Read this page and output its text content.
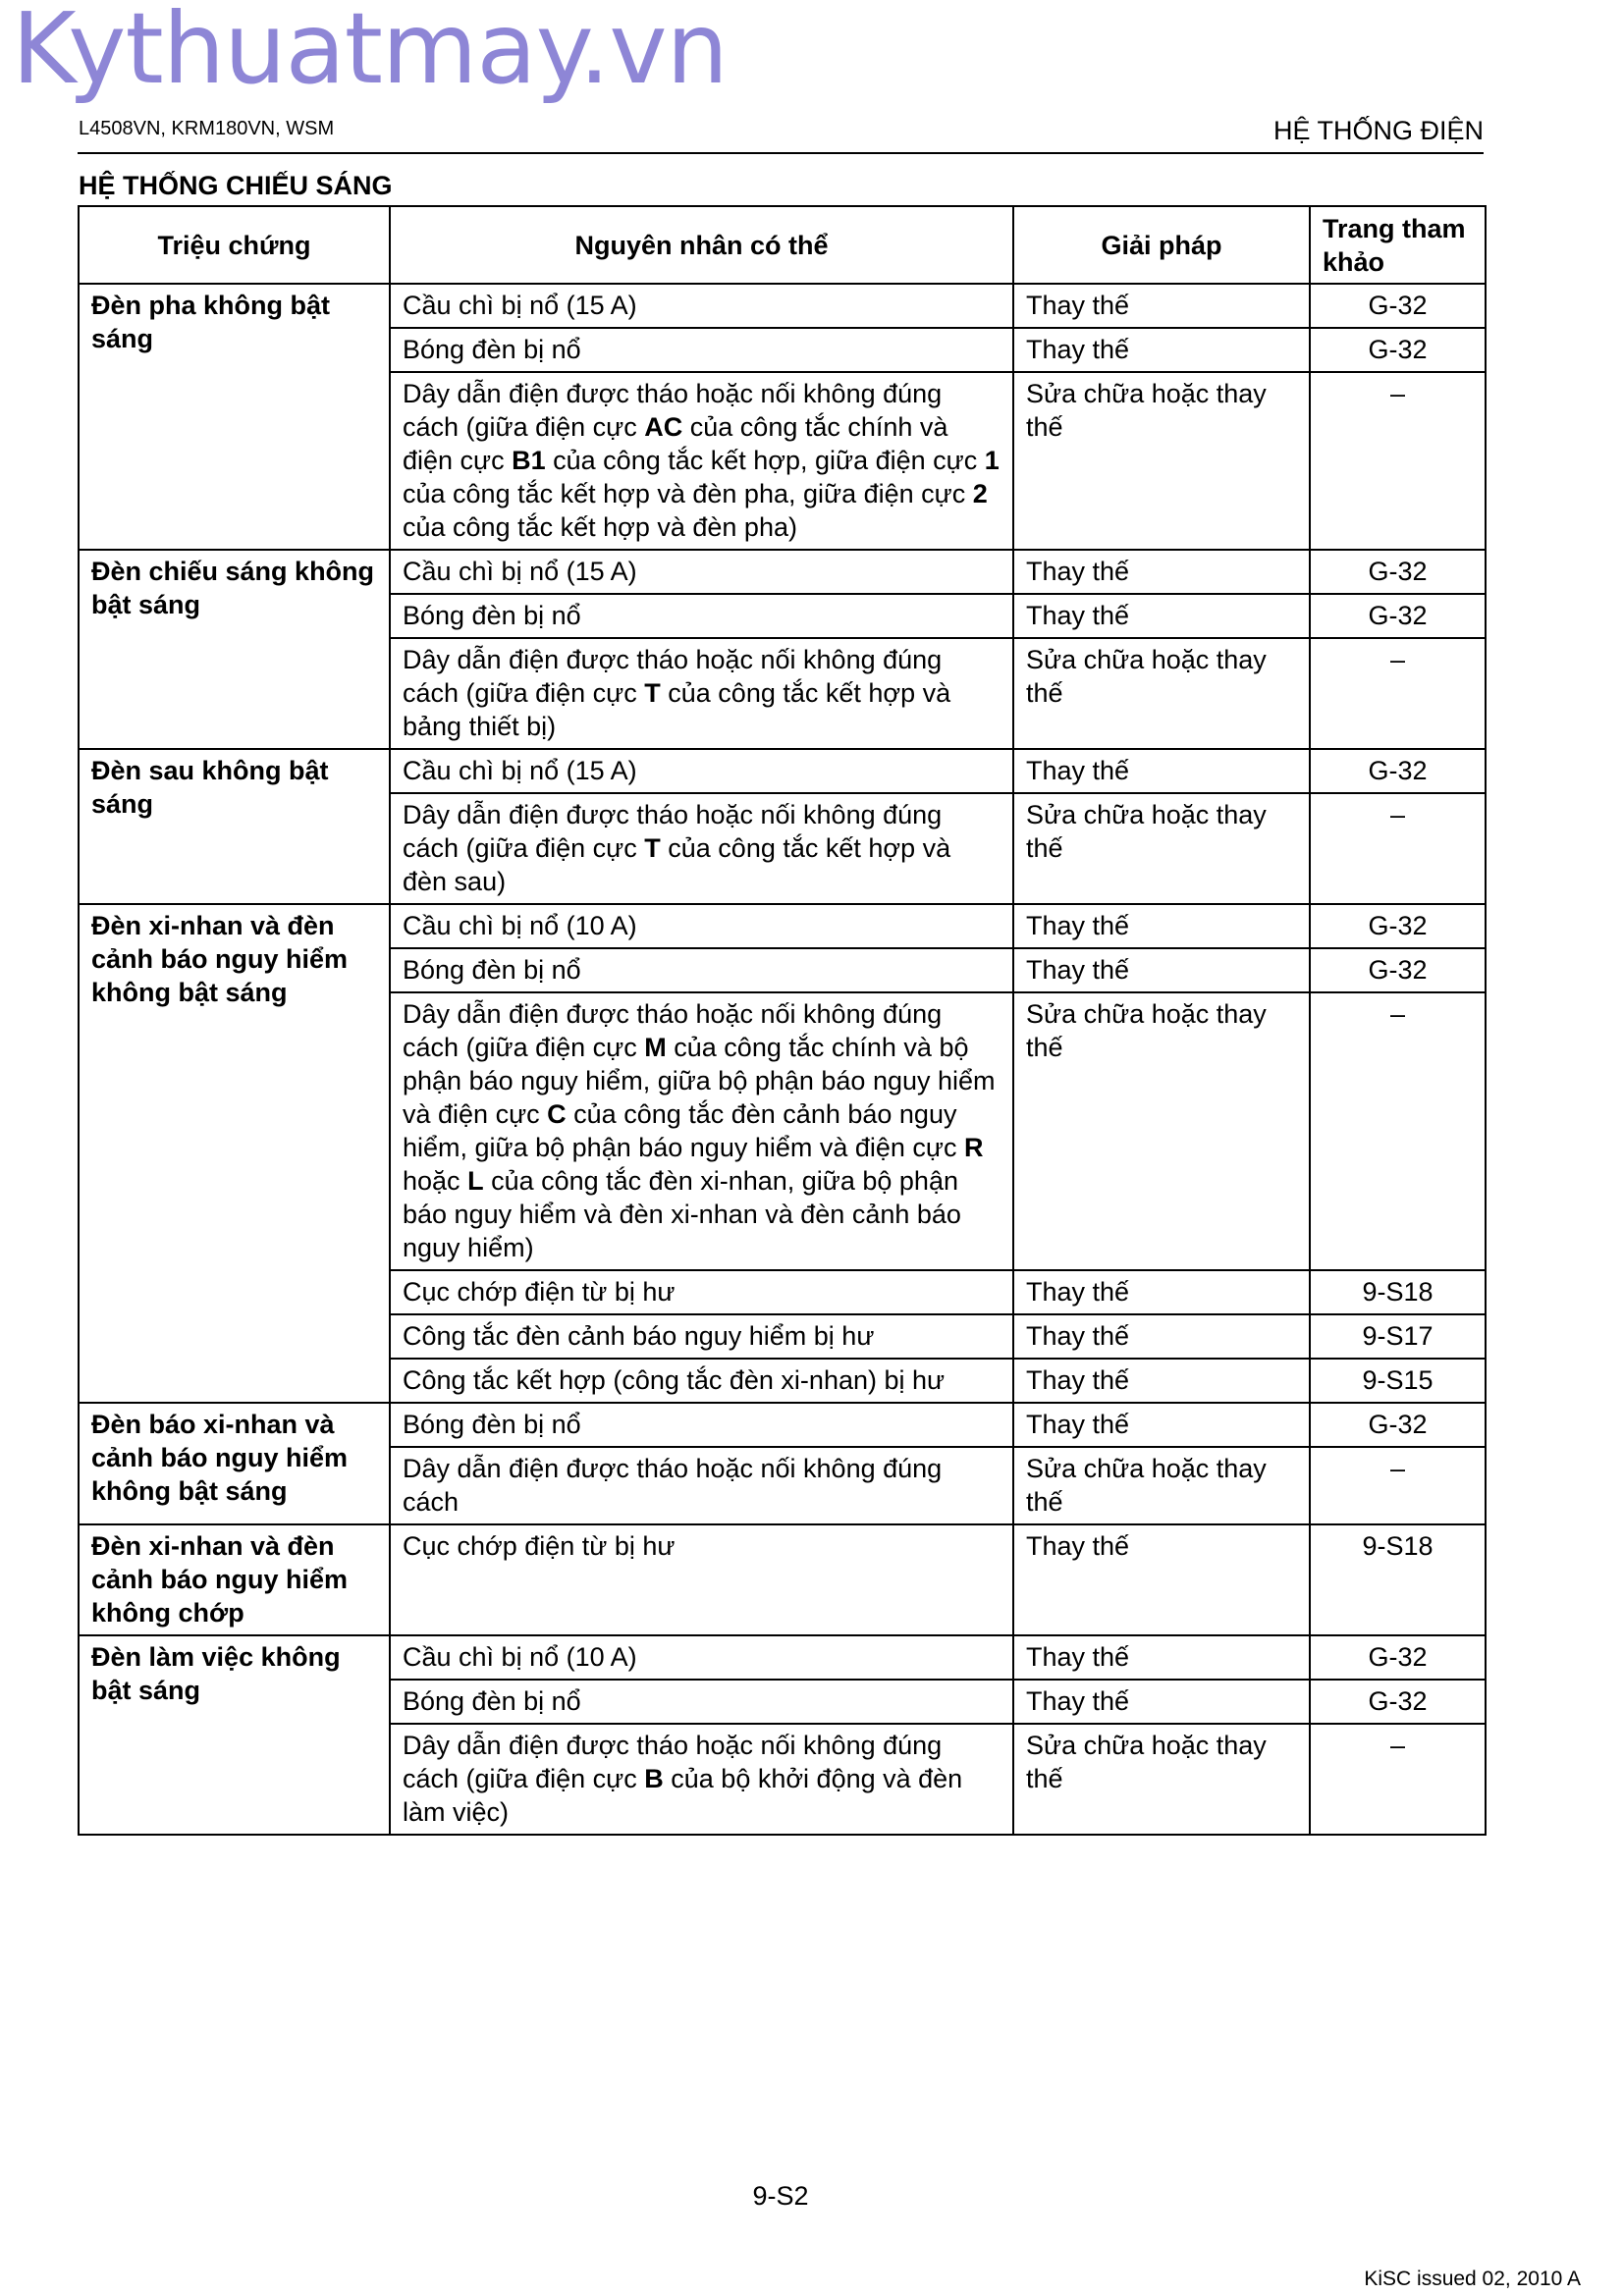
Kythuatmay.vn
L4508VN, KRM180VN, WSM	HỆ THỐNG ĐIỆN
HỆ THỐNG CHIẾU SÁNG
Triệu chứng	Nguyên nhân có thể	Giải pháp	Trang tham khảo
Đèn pha không bật sáng	Cầu chì bị nổ (15 A)	Thay thế	G-32
	Bóng đèn bị nổ	Thay thế	G-32
	Dây dẫn điện được tháo hoặc nối không đúng cách (giữa điện cực AC của công tắc chính và điện cực B1 của công tắc kết hợp, giữa điện cực 1 của công tắc kết hợp và đèn pha, giữa điện cực 2 của công tắc kết hợp và đèn pha)	Sửa chữa hoặc thay thế	–
Đèn chiếu sáng không bật sáng	Cầu chì bị nổ (15 A)	Thay thế	G-32
	Bóng đèn bị nổ	Thay thế	G-32
	Dây dẫn điện được tháo hoặc nối không đúng cách (giữa điện cực T của công tắc kết hợp và bảng thiết bị)	Sửa chữa hoặc thay thế	–
Đèn sau không bật sáng	Cầu chì bị nổ (15 A)	Thay thế	G-32
	Dây dẫn điện được tháo hoặc nối không đúng cách (giữa điện cực T của công tắc kết hợp và đèn sau)	Sửa chữa hoặc thay thế	–
Đèn xi-nhan và đèn cảnh báo nguy hiểm không bật sáng	Cầu chì bị nổ (10 A)	Thay thế	G-32
	Bóng đèn bị nổ	Thay thế	G-32
	Dây dẫn điện được tháo hoặc nối không đúng cách (giữa điện cực M của công tắc chính và bộ phận báo nguy hiểm, giữa bộ phận báo nguy hiểm và điện cực C của công tắc đèn cảnh báo nguy hiểm, giữa bộ phận báo nguy hiểm và điện cực R hoặc L của công tắc đèn xi-nhan, giữa bộ phận báo nguy hiểm và đèn xi-nhan và đèn cảnh báo nguy hiểm)	Sửa chữa hoặc thay thế	–
	Cục chớp điện từ bị hư	Thay thế	9-S18
	Công tắc đèn cảnh báo nguy hiểm bị hư	Thay thế	9-S17
	Công tắc kết hợp (công tắc đèn xi-nhan) bị hư	Thay thế	9-S15
Đèn báo xi-nhan và cảnh báo nguy hiểm không bật sáng	Bóng đèn bị nổ	Thay thế	G-32
	Dây dẫn điện được tháo hoặc nối không đúng cách	Sửa chữa hoặc thay thế	–
Đèn xi-nhan và đèn cảnh báo nguy hiểm không chớp	Cục chớp điện từ bị hư	Thay thế	9-S18
Đèn làm việc không bật sáng	Cầu chì bị nổ (10 A)	Thay thế	G-32
	Bóng đèn bị nổ	Thay thế	G-32
	Dây dẫn điện được tháo hoặc nối không đúng cách (giữa điện cực B của bộ khởi động và đèn làm việc)	Sửa chữa hoặc thay thế	–
9-S2
KiSC issued 02, 2010 A
